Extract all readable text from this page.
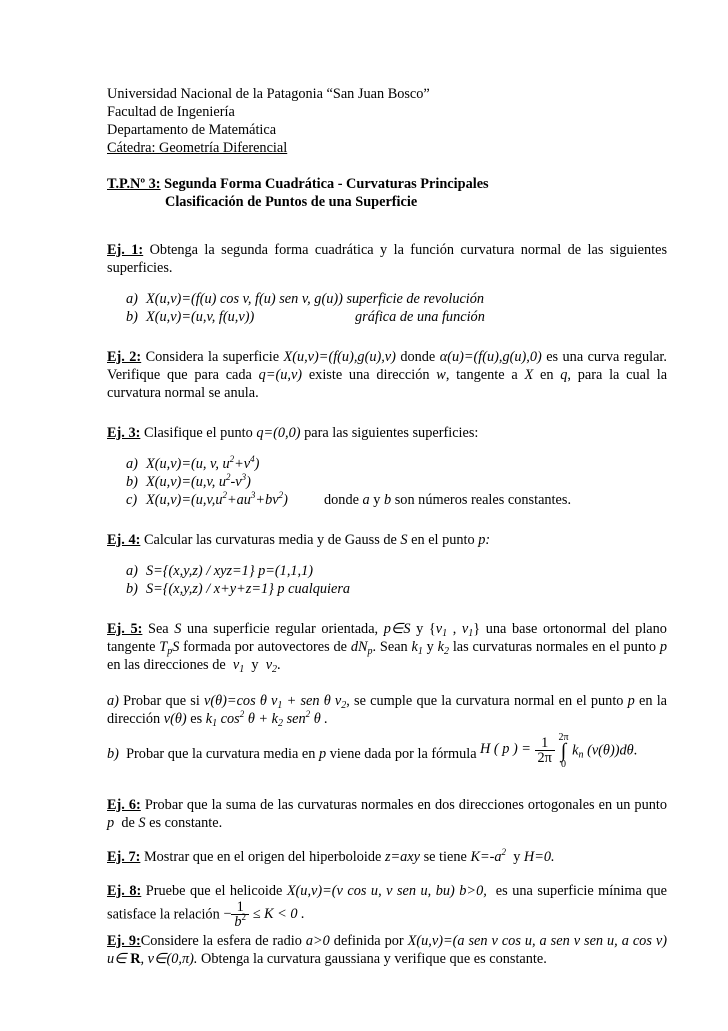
Universidad Nacional de la Patagonia “San Juan Bosco”
Facultad de Ingeniería
Departamento de Matemática
Cátedra: Geometría Diferencial
T.P.Nº 3: Segunda Forma Cuadrática - Curvaturas Principales
Clasificación de Puntos de una Superficie
Ej. 1: Obtenga la segunda forma cuadrática y la función curvatura normal de las siguientes superficies.
a) X(u,v)=(f(u) cos v, f(u) sen v, g(u)) superficie de revolución
b) X(u,v)=(u,v, f(u,v))	gráfica de una función
Ej. 2: Considera la superficie X(u,v)=(f(u),g(u),v) donde α(u)=(f(u),g(u),0) es una curva regular. Verifique que para cada q=(u,v) existe una dirección w, tangente a X en q, para la cual la curvatura normal se anula.
Ej. 3: Clasifique el punto q=(0,0) para las siguientes superficies:
a) X(u,v)=(u, v, $u^2+v^4$)
b) X(u,v)=(u,v, $u^2-v^3$)
c) $X(u,v)=(u,v,u^2+au^3+bv^2)$	donde a y b son números reales constantes.
Ej. 4: Calcular las curvaturas media y de Gauss de S en el punto p:
a) S={(x,y,z) / xyz=1} p=(1,1,1)
b) S={(x,y,z) / x+y+z=1} p cualquiera
Ej. 5: Sea S una superficie regular orientada, p∈S y {$v_1$ , $v_1$} una base ortonormal del plano tangente $T_pS$ formada por autovectores de $dN_p$. Sean $k_1$ y $k_2$ las curvaturas normales en el punto p en las direcciones de $v_1$ y $v_2$.
a) Probar que si v(θ)=cos θ $v_1$ + sen θ $v_2$, se cumple que la curvatura normal en el punto p en la dirección v(θ) es $k_1$ $\cos^2 \theta + k_2$ sen$^2$ θ .
b) Probar que la curvatura media en p viene dada por la fórmula H ( p ) = $\frac{1}{2\pi} 2\pi$
∫
0 $k_n$ (v(θ))dθ.
Ej. 6: Probar que la suma de las curvaturas normales en dos direcciones ortogonales en un punto p de S es constante.
Ej. 7: Mostrar que en el origen del hiperboloide z=axy se tiene $K=-a^2$ y H=0.
Ej. 8: Pruebe que el helicoide X(u,v)=(v cos u, v sen u, bu) b>0, es una superficie mínima que satisface la relación − $\frac{1}{b^2} \le K < 0$ .
Ej. 9:Considere la esfera de radio a>0 definida por X(u,v)=(a sen v cos u, a sen v sen u, a cos v) u∈ R, v∈(0,π). Obtenga la curvatura gaussiana y verifique que es constante.
